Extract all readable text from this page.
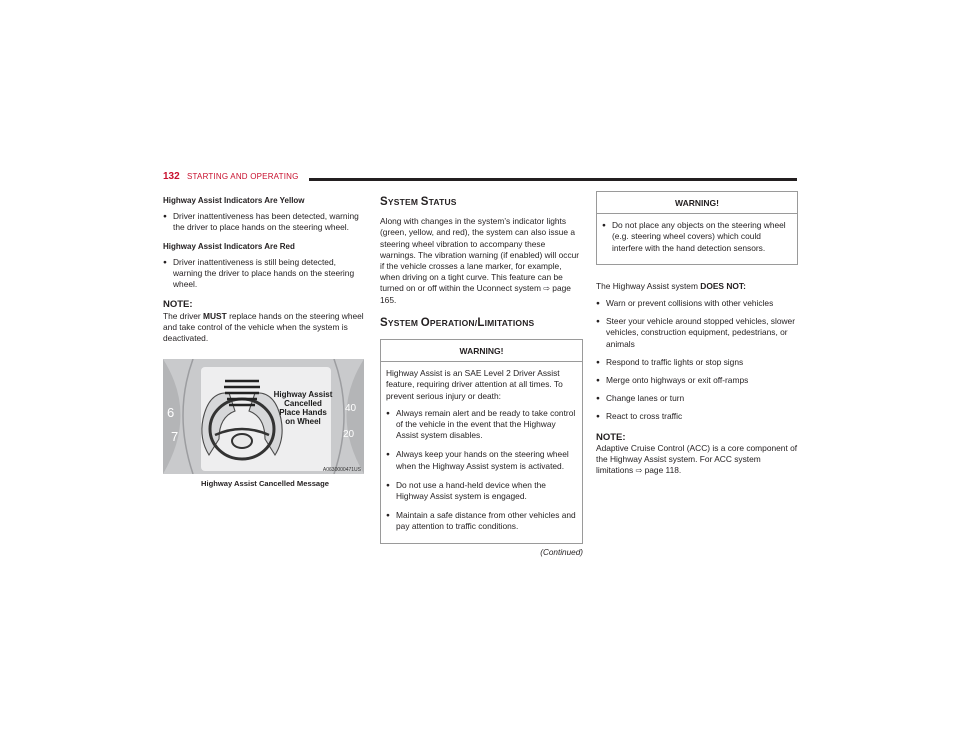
132 STARTING AND OPERATING
Highway Assist Indicators Are Yellow
● Driver inattentiveness has been detected, warning the driver to place hands on the steering wheel.
Highway Assist Indicators Are Red
● Driver inattentiveness is still being detected, warning the driver to place hands on the steering wheel.
NOTE:
The driver MUST replace hands on the steering wheel and take control of the vehicle when the system is deactivated.
6
7
40
20
Highway Assist
Cancelled
Place Hands
on Wheel
A0630000471US
Highway Assist Cancelled Message
SYSTEM STATUS
Along with changes in the system’s indicator lights (green, yellow, and red), the system can also issue a steering wheel vibration to accompany these warnings. The vibration warning (if enabled) will occur if the vehicle crosses a lane marker, for example, when driving on a tight curve. This feature can be turned on or off within the Uconnect system ⇨ page 165.
SYSTEM OPERATION/LIMITATIONS
WARNING!
Highway Assist is an SAE Level 2 Driver Assist feature, requiring driver attention at all times. To prevent serious injury or death:
● Always remain alert and be ready to take control of the vehicle in the event that the Highway Assist system disables.
● Always keep your hands on the steering wheel when the Highway Assist system is activated.
● Do not use a hand-held device when the Highway Assist system is engaged.
● Maintain a safe distance from other vehicles and pay attention to traffic conditions.
(Continued)
WARNING!
● Do not place any objects on the steering wheel (e.g. steering wheel covers) which could interfere with the hand detection sensors.
The Highway Assist system DOES NOT:
● Warn or prevent collisions with other vehicles
● Steer your vehicle around stopped vehicles, slower vehicles, construction equipment, pedestrians, or animals
● Respond to traffic lights or stop signs
● Merge onto highways or exit off-ramps
● Change lanes or turn
● React to cross traffic
NOTE:
Adaptive Cruise Control (ACC) is a core component of the Highway Assist system. For ACC system limitations ⇨ page 118.
